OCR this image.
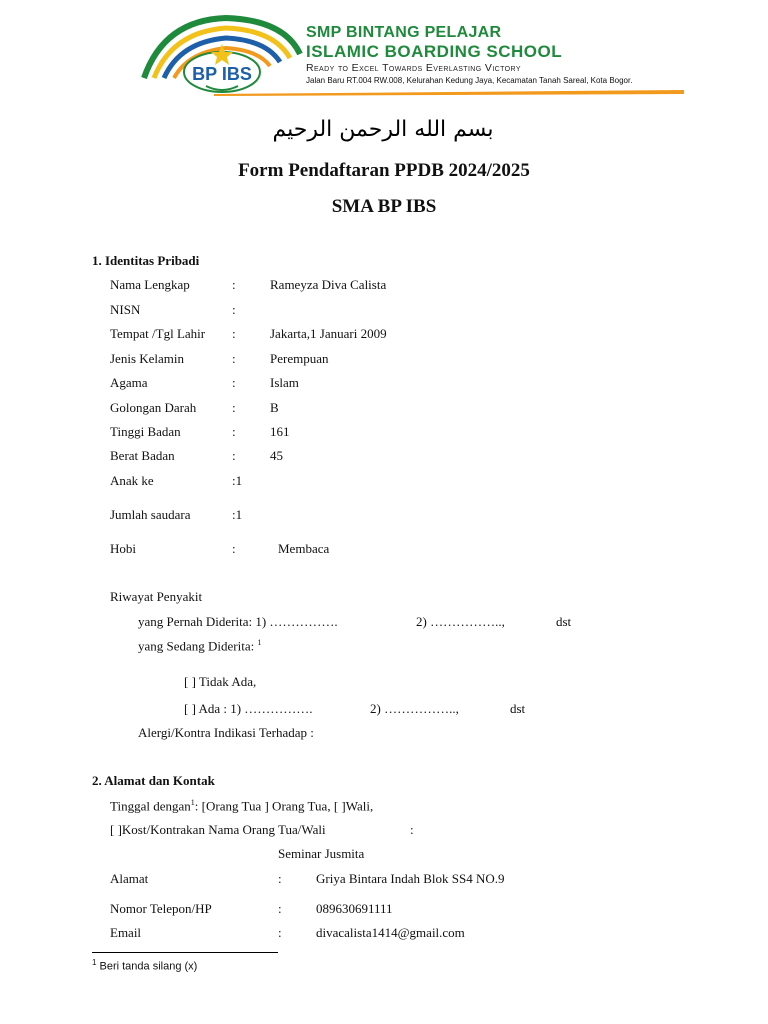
BP IBS
SMP BINTANG PELAJAR
ISLAMIC BOARDING SCHOOL
Ready to Excel Towards Everlasting Victory
Jalan Baru RT.004 RW.008, Kelurahan Kedung Jaya, Kecamatan Tanah Sareal, Kota Bogor.
بسم الله الرحمن الرحيم
Form Pendaftaran PPDB 2024/2025
SMA BP IBS
1. Identitas Pribadi
Nama Lengkap	:	Rameyza Diva Calista
NISN	:
Tempat /Tgl Lahir :	Jakarta,1 Januari 2009
Jenis Kelamin	:	Perempuan
Agama	:	Islam
Golongan Darah	:	B
Tinggi Badan	:	161
Berat Badan	:	45
Anak ke	:1
Jumlah saudara	:1
Hobi	:	Membaca
Riwayat Penyakit
yang Pernah Diderita: 1) …………….	2) ……………..,	dst
yang Sedang Diderita: $^1$
[ ] Tidak Ada,
[ ] Ada : 1) …………….	2) ……………..,	dst
Alergi/Kontra Indikasi Terhadap :
2. Alamat dan Kontak
Tinggal dengan$^1$: [Orang Tua ] Orang Tua, [ ]Wali,
[ ]Kost/Kontrakan Nama Orang Tua/Wali	:
Seminar Jusmita
Alamat	:	Griya Bintara Indah Blok SS4 NO.9
Nomor Telepon/HP	:	089630691111
Email	:	divacalista1414@gmail.com
$^1$ Beri tanda silang (x)
